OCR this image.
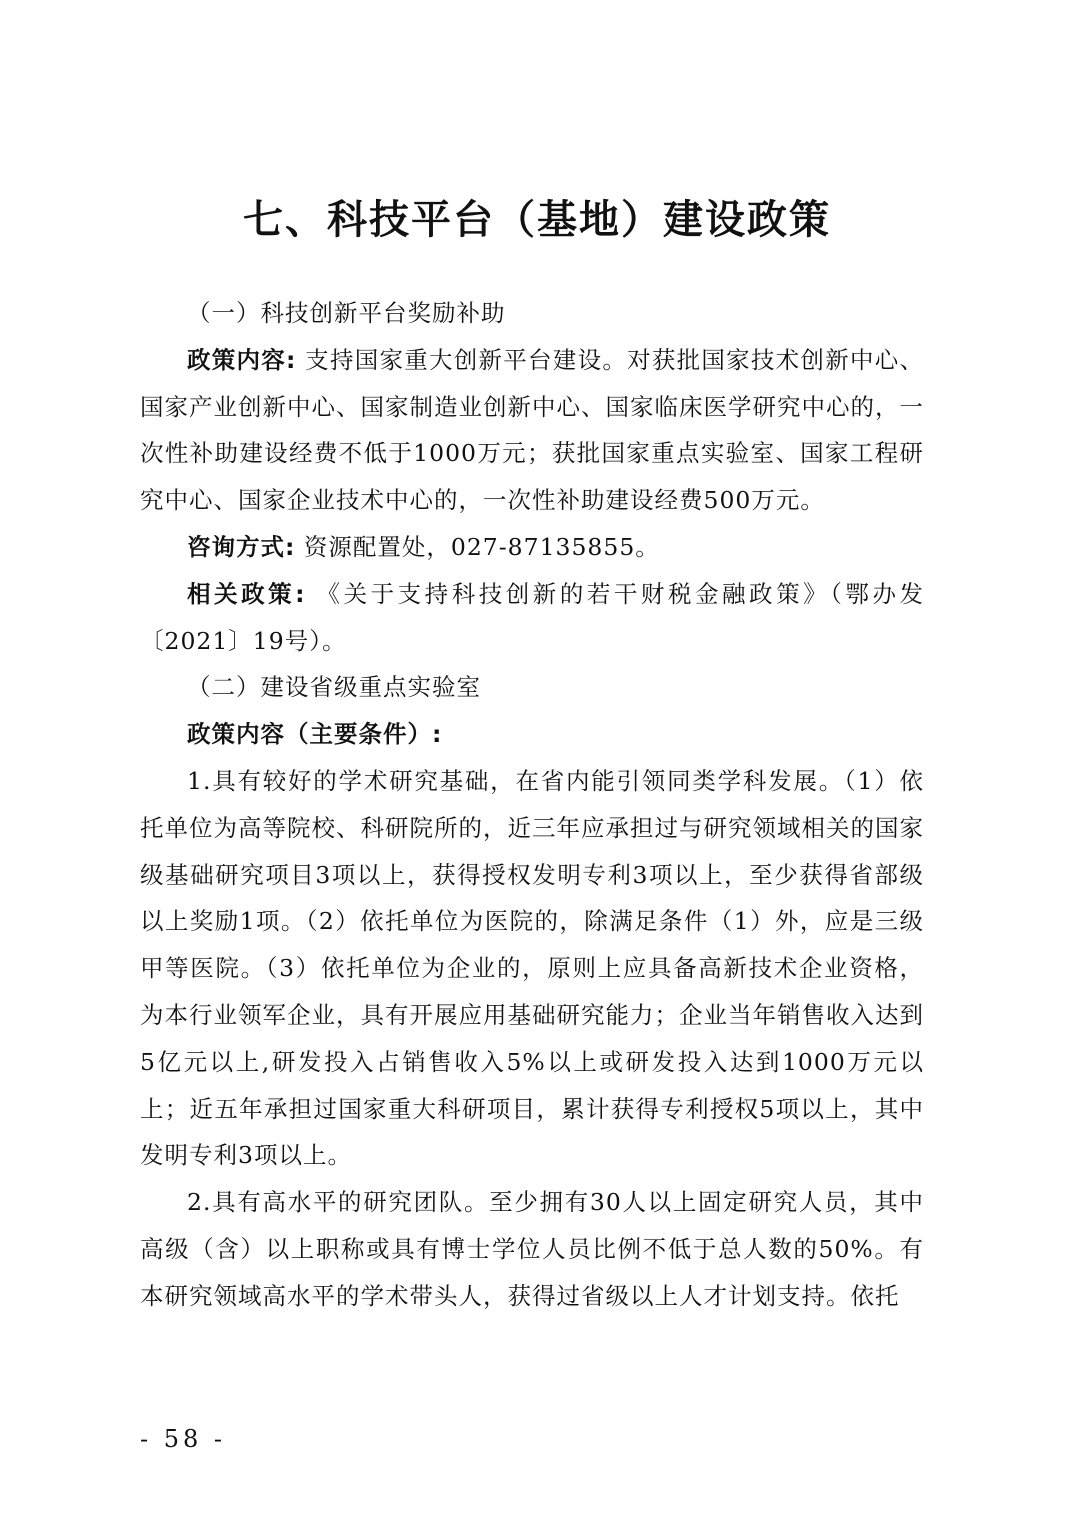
七、科技平台（基地）建设政策

（一）科技创新平台奖励补助

政策内容: 支持国家重大创新平台建设。对获批国家技术创新中心、国家产业创新中心、国家制造业创新中心、国家临床医学研究中心的，一次性补助建设经费不低于1000万元；获批国家重点实验室、国家工程研究中心、国家企业技术中心的，一次性补助建设经费500万元。

咨询方式: 资源配置处，027-87135855。

相关政策: 《关于支持科技创新的若干财税金融政策》（鄂办发〔2021〕19号）。

（二）建设省级重点实验室

政策内容（主要条件）:

1.具有较好的学术研究基础，在省内能引领同类学科发展。（1）依托单位为高等院校、科研院所的，近三年应承担过与研究领域相关的国家级基础研究项目3项以上，获得授权发明专利3项以上，至少获得省部级以上奖励1项。（2）依托单位为医院的，除满足条件（1）外，应是三级甲等医院。（3）依托单位为企业的，原则上应具备高新技术企业资格，为本行业领军企业，具有开展应用基础研究能力；企业当年销售收入达到5亿元以上,研发投入占销售收入5%以上或研发投入达到1000万元以上；近五年承担过国家重大科研项目，累计获得专利授权5项以上，其中发明专利3项以上。

2.具有高水平的研究团队。至少拥有30人以上固定研究人员，其中高级（含）以上职称或具有博士学位人员比例不低于总人数的50%。有本研究领域高水平的学术带头人，获得过省级以上人才计划支持。依托

- 58 -
